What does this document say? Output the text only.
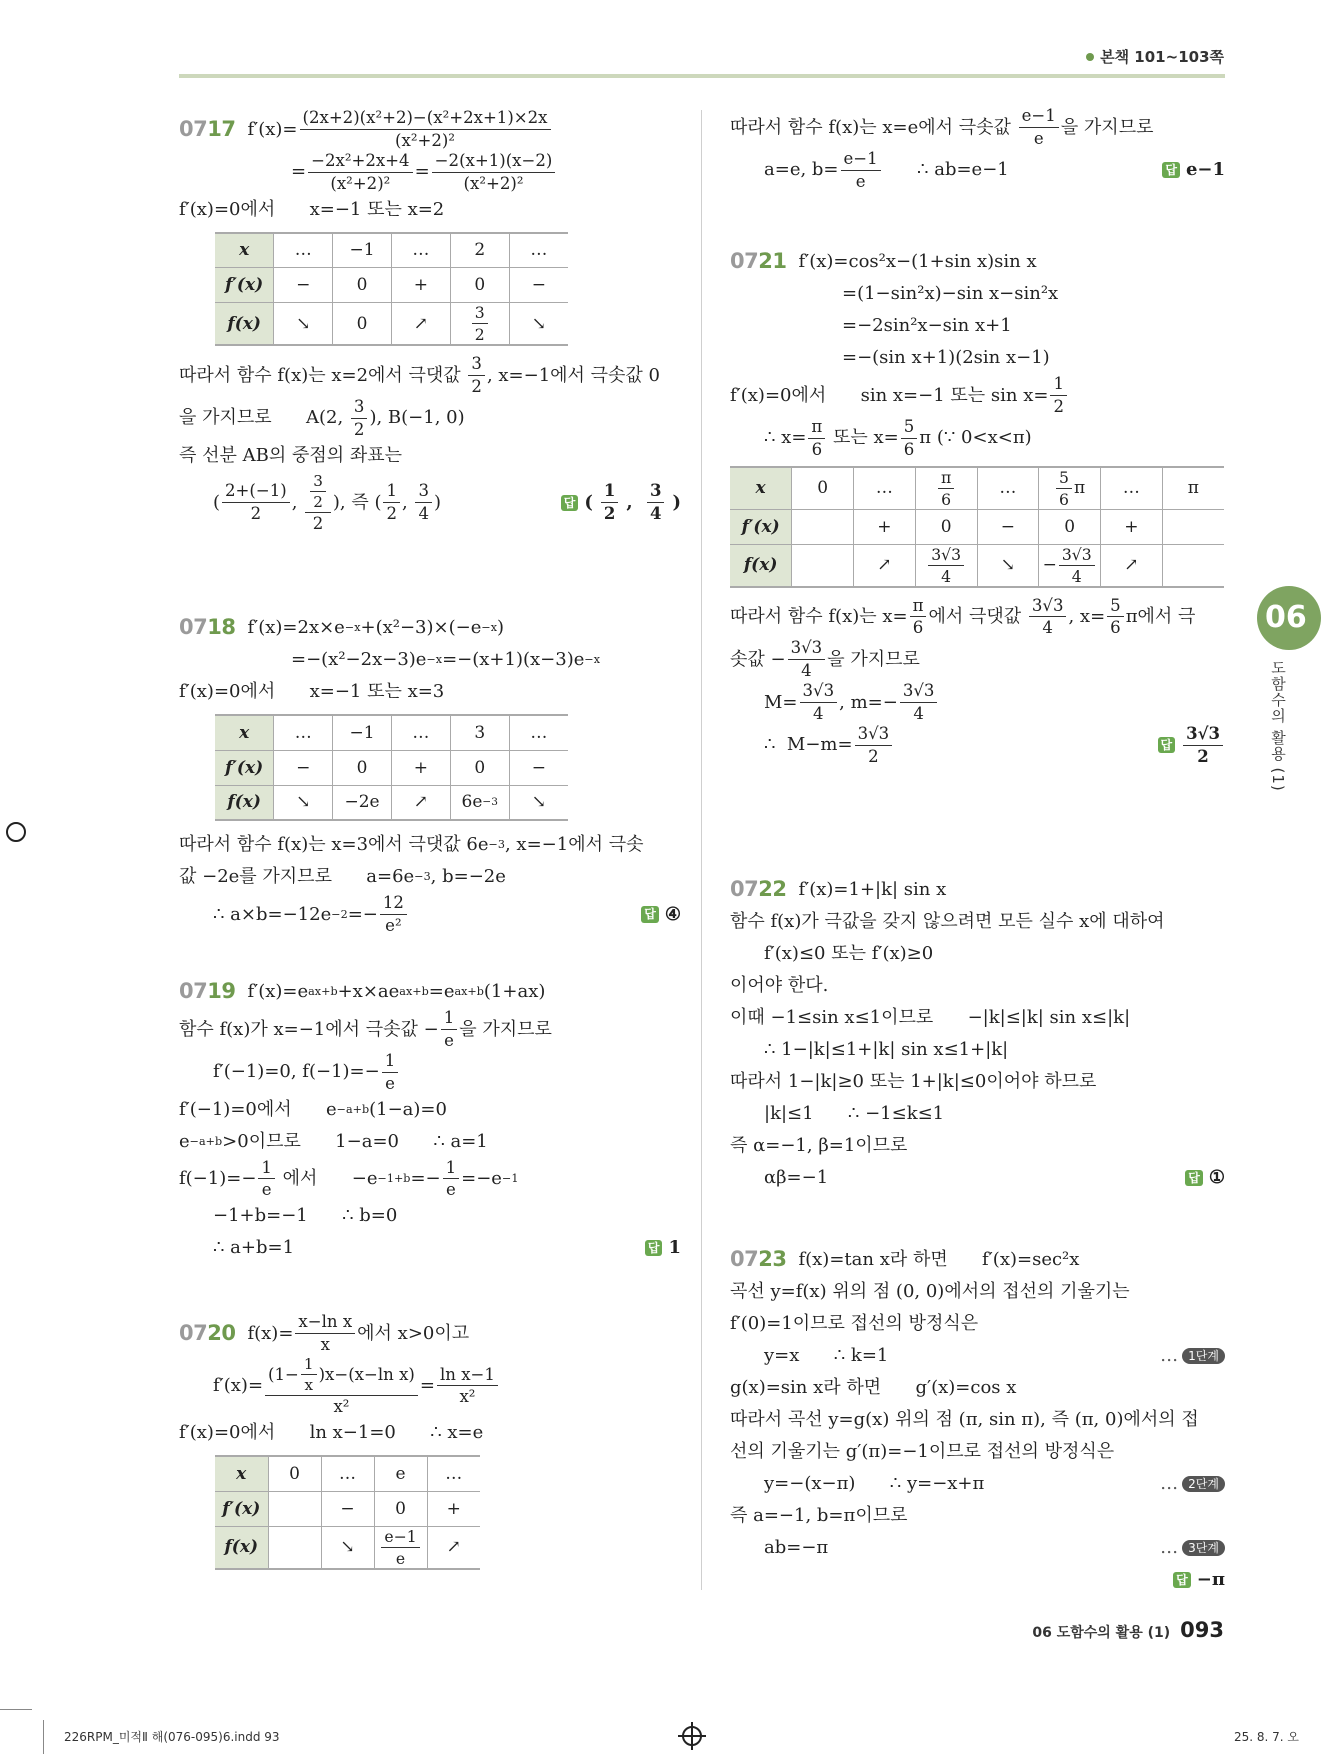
본책 101~103쪽
0717 $f'(x)= \frac{\text{(2x+2)(x²+2)−(x²+2x+1)×2x}}{\text{(x²+2)²}}$
= $\frac{\text{−2x²+2x+4}}{\text{(x²+2)²}} = \frac{-2(x+1)(x-2)}{\text{(x²+2)²}}$
f′(x)=0에서      x=−1 또는 x=2
x	…	−1	…	2	…
f′(x)	−	0	+	0	−
f(x)	↘	0	↗	$\frac{3}{2}$	↘
따라서 함수 f(x)는 x=2에서 극댓값 $\frac{3}{2}$ , x=−1에서 극솟값 0
을 가지므로      A(2, $\frac{3}{2}$ ), B(−1, 0)
즉 선분 AB의 중점의 좌표는
( $\frac{2+(-1)}{2}$ , $\frac{\frac{3}{2}}{2}$ ), 즉 ( $\frac{1}{2}$ , $\frac{3}{4}$ )	답 ( $\frac{1}{2}$ , $\frac{3}{4}$ )
0718 f′(x)=2x×e −x +(x²−3)×(−e −x )
=−(x²−2x−3)e −x =−(x+1)(x−3)e −x
f′(x)=0에서      x=−1 또는 x=3
x	…	−1	…	3	…
f′(x)	−	0	+	0	−
f(x)	↘	−2e	↗	6e −3	↘
따라서 함수 f(x)는 x=3에서 극댓값 6e −3 , x=−1에서 극솟
값 −2e를 가지므로      a=6e −3 , b=−2e
∴ $a\times b=-12e -2 =- \frac{12}{\text{e²}}$	답 ④
0719 f′(x)=e ax+b +x×ae ax+b =e ax+b (1+ax)
함수 f(x)가 x=−1에서 극솟값 − $\frac{1}{e}$ 을 가지므로
f′(−1)=0, $f(-1)=- \frac{1}{e}$
f′(−1)=0에서      e −a+b (1−a)=0
e −a+b >0이므로      1−a=0      ∴ a=1
$f(-1)=- \frac{1}{e}$ 에서      $-e -1+b =- \frac{1}{e} =-e -1$
−1+b=−1      ∴ b=0
∴ a+b=1	답 1
0720 $f(x)= \frac{\text{x−ln x}}{x}$ 에서 x>0이고
$f'(x)= \frac{(1- \frac{1}{x} )x-(x-\ln x)}{\text{x²}} = \frac{\text{ln x−1}}{\text{x²}}$
f′(x)=0에서      ln x−1=0      ∴ x=e
x	0	…	e	…
f′(x)		−	0	+
f(x)		↘	$\frac{e-1}{e}$	↗
따라서 함수 f(x)는 x=e에서 극솟값 $\frac{e-1}{e}$ 을 가지므로
a=e, $b= \frac{e-1}{e}$ ∴ ab=e−1	답 e−1
0721 f′(x)=cos²x−(1+sin x)sin x
=(1−sin²x)−sin x−sin²x
=−2sin²x−sin x+1
=−(sin x+1)(2sin x−1)
f′(x)=0에서      sin x=−1 또는 $\sin x= \frac{1}{2}$
∴ $x= \frac{\pi}{6}$ 또는 $x= \frac{5}{6}$ π (∵ 0<x<π)
x	0	…	$\frac{\pi}{6}$	…	$\frac{5}{6}$ π	…	π
f′(x)		+	0	−	0	+	
f(x)		↗	$\frac{3√3}{4}$	↘	− $\frac{3√3}{4}$	↗	
따라서 함수 f(x)는 $x= \frac{\pi}{6}$ 에서 극댓값 $\frac{3√3}{4}$ , $x= \frac{5}{6}$ π에서 극
솟값 − $\frac{3√3}{4}$ 을 가지므로
$M= \frac{3√3}{4}$ , $m=- \frac{3√3}{4}$
∴  $M-m= \frac{3√3}{2}$	답 $\frac{3√3}{2}$
0722 f′(x)=1+|k| sin x
함수 f(x)가 극값을 갖지 않으려면 모든 실수 x에 대하여
f′(x)≤0 또는 f′(x)≥0
이어야 한다.
이때 −1≤sin x≤1이므로      −|k|≤|k| sin x≤|k|
∴ 1−|k|≤1+|k| sin x≤1+|k|
따라서 1−|k|≥0 또는 1+|k|≤0이어야 하므로
|k|≤1      ∴ −1≤k≤1
즉 α=−1, β=1이므로
αβ=−1	답 ①
0723 f(x)=tan x라 하면      f′(x)=sec²x
곡선 y=f(x) 위의 점 (0, 0)에서의 접선의 기울기는
f′(0)=1이므로 접선의 방정식은
y=x      ∴ k=1	… 1단계
g(x)=sin x라 하면      g′(x)=cos x
따라서 곡선 y=g(x) 위의 점 (π, sin π), 즉 (π, 0)에서의 접
선의 기울기는 g′(π)=−1이므로 접선의 방정식은
y=−(x−π)      ∴ y=−x+π	… 2단계
즉 a=−1, b=π이므로
ab=−π	… 3단계
답 −π
06
도함수의 활용 (1)
06 도함수의 활용 (1) 093
226RPM_미적Ⅱ 해(076-095)6.indd 93	25. 8. 7. 오
